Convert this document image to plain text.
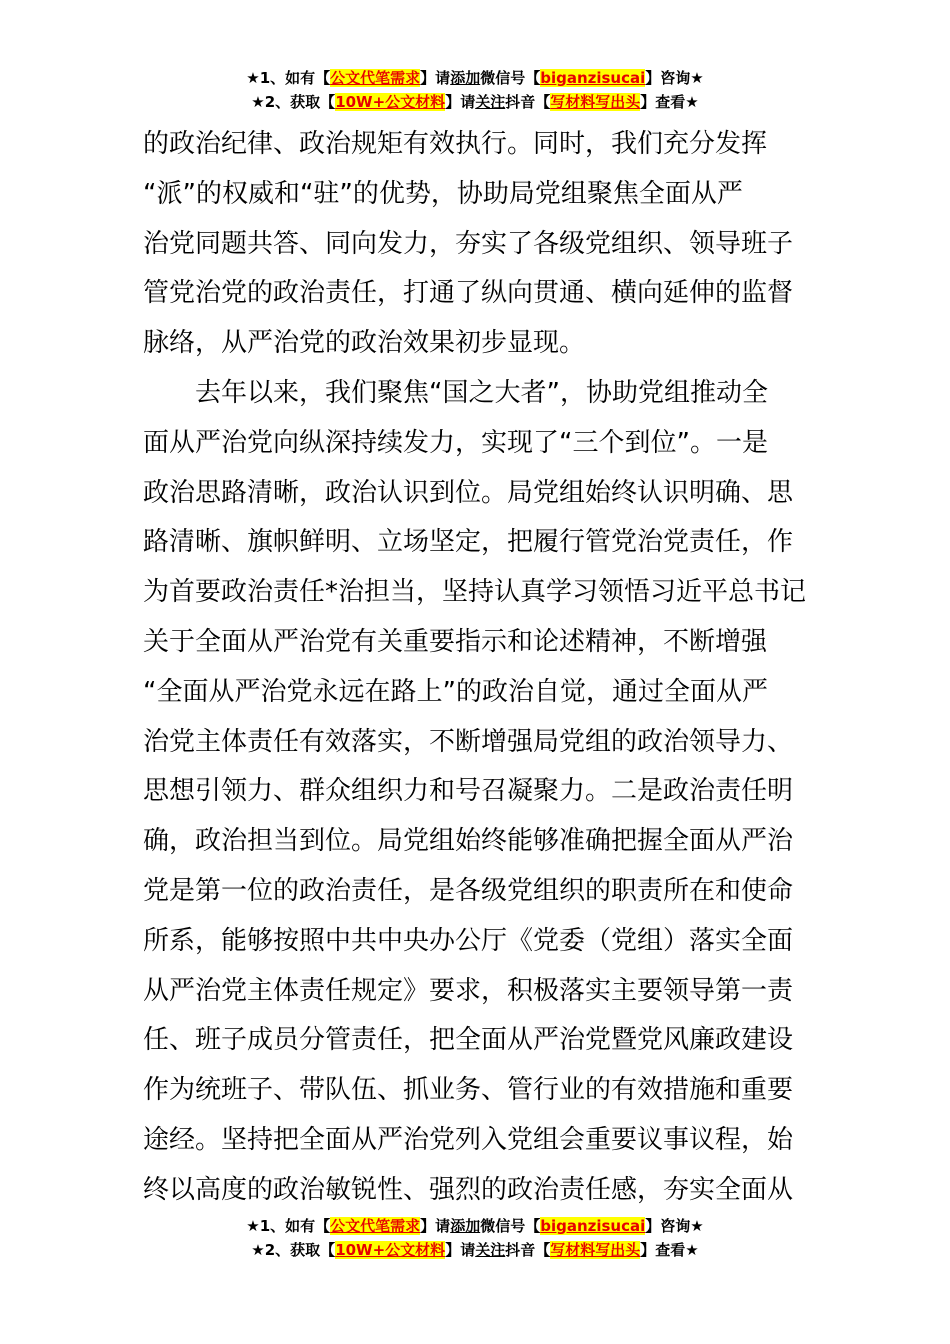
★1、如有【公文代笔需求】请添加微信号【biganzisucai】咨询★
★2、获取【10W+公文材料】请关注抖音【写材料写出头】查看★
的政治纪律、政治规矩有效执行。同时，我们充分发挥
“派”的权威和“驻”的优势，协助局党组聚焦全面从严
治党同题共答、同向发力，夯实了各级党组织、领导班子
管党治党的政治责任，打通了纵向贯通、横向延伸的监督
脉络，从严治党的政治效果初步显现。
　　去年以来，我们聚焦“国之大者”，协助党组推动全
面从严治党向纵深持续发力，实现了“三个到位”。一是
政治思路清晰，政治认识到位。局党组始终认识明确、思
路清晰、旗帜鲜明、立场坚定，把履行管党治党责任，作
为首要政治责任*治担当，坚持认真学习领悟习近平总书记
关于全面从严治党有关重要指示和论述精神，不断增强
“全面从严治党永远在路上”的政治自觉，通过全面从严
治党主体责任有效落实，不断增强局党组的政治领导力、
思想引领力、群众组织力和号召凝聚力。二是政治责任明
确，政治担当到位。局党组始终能够准确把握全面从严治
党是第一位的政治责任，是各级党组织的职责所在和使命
所系，能够按照中共中央办公厅《党委（党组）落实全面
从严治党主体责任规定》要求，积极落实主要领导第一责
任、班子成员分管责任，把全面从严治党暨党风廉政建设
作为统班子、带队伍、抓业务、管行业的有效措施和重要
途经。坚持把全面从严治党列入党组会重要议事议程，始
终以高度的政治敏锐性、强烈的政治责任感，夯实全面从
★1、如有【公文代笔需求】请添加微信号【biganzisucai】咨询★
★2、获取【10W+公文材料】请关注抖音【写材料写出头】查看★
